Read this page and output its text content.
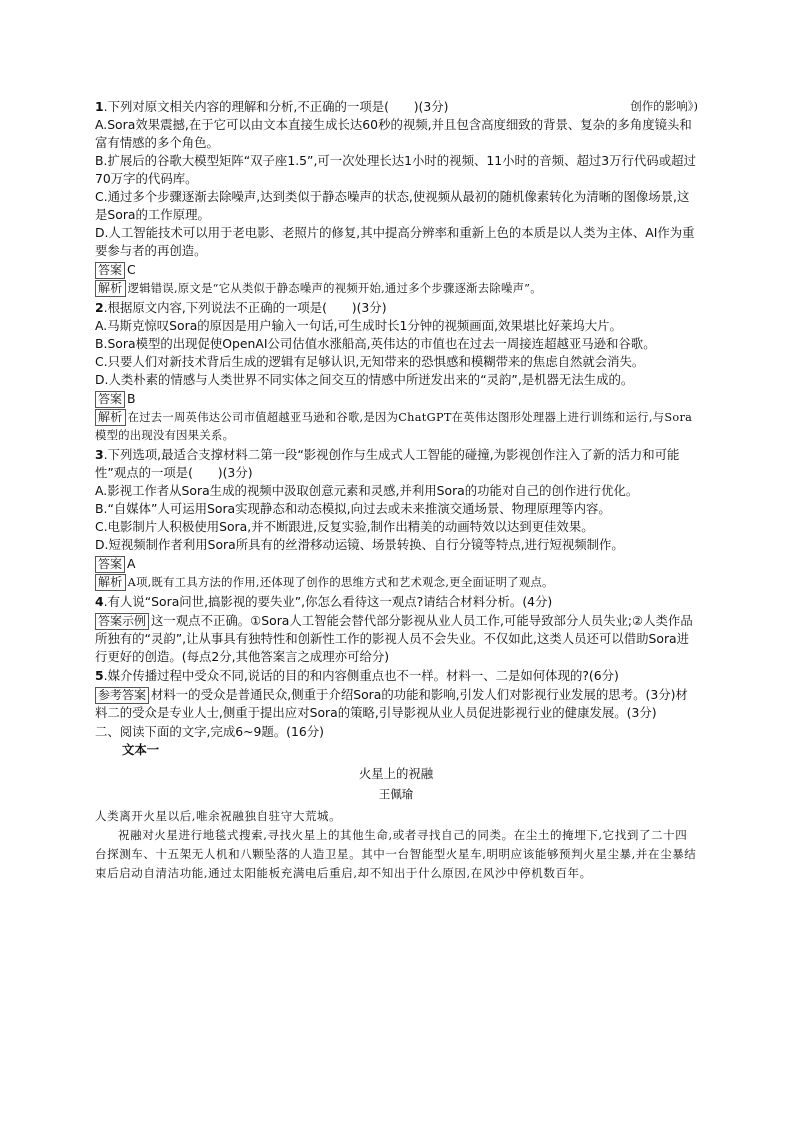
创作的影响》)

1.下列对原文相关内容的理解和分析,不正确的一项是(　　)(3分)

A.Sora效果震撼,在于它可以由文本直接生成长达60秒的视频,并且包含高度细致的背景、复杂的多角度镜头和富有情感的多个角色。

B.扩展后的谷歌大模型矩阵“双子座1.5”,可一次处理长达1小时的视频、11小时的音频、超过3万行代码或超过70万字的代码库。

C.通过多个步骤逐渐去除噪声,达到类似于静态噪声的状态,使视频从最初的随机像素转化为清晰的图像场景,这是Sora的工作原理。

D.人工智能技术可以用于老电影、老照片的修复,其中提高分辨率和重新上色的本质是以人类为主体、AI作为重要参与者的再创造。

答案 C

解析 逻辑错误,原文是“它从类似于静态噪声的视频开始,通过多个步骤逐渐去除噪声”。

2.根据原文内容,下列说法不正确的一项是(　　)(3分)

A.马斯克惊叹Sora的原因是用户输入一句话,可生成时长1分钟的视频画面,效果堪比好莱坞大片。

B.Sora模型的出现促使OpenAI公司估值水涨船高,英伟达的市值也在过去一周接连超越亚马逊和谷歌。

C.只要人们对新技术背后生成的逻辑有足够认识,无知带来的恐惧感和模糊带来的焦虑自然就会消失。

D.人类朴素的情感与人类世界不同实体之间交互的情感中所迸发出来的“灵韵”,是机器无法生成的。

答案 B

解析 在过去一周英伟达公司市值超越亚马逊和谷歌,是因为ChatGPT在英伟达图形处理器上进行训练和运行,与Sora模型的出现没有因果关系。

3.下列选项,最适合支撑材料二第一段“影视创作与生成式人工智能的碰撞,为影视创作注入了新的活力和可能性”观点的一项是(　　)(3分)

A.影视工作者从Sora生成的视频中汲取创意元素和灵感,并利用Sora的功能对自己的创作进行优化。

B.“自媒体”人可运用Sora实现静态和动态模拟,向过去或未来推演交通场景、物理原理等内容。

C.电影制片人积极使用Sora,并不断跟进,反复实验,制作出精美的动画特效以达到更佳效果。

D.短视频制作者利用Sora所具有的丝滑移动运镜、场景转换、自行分镜等特点,进行短视频制作。

答案 A

解析 A项,既有工具方法的作用,还体现了创作的思维方式和艺术观念,更全面证明了观点。

4.有人说“Sora问世,搞影视的要失业”,你怎么看待这一观点?请结合材料分析。(4分)

答案示例 这一观点不正确。①Sora人工智能会替代部分影视从业人员工作,可能导致部分人员失业;②人类作品所独有的“灵韵”,让从事具有独特性和创新性工作的影视人员不会失业。不仅如此,这类人员还可以借助Sora进行更好的创造。(每点2分,其他答案言之成理亦可给分)

5.媒介传播过程中受众不同,说话的目的和内容侧重点也不一样。材料一、二是如何体现的?(6分)

参考答案 材料一的受众是普通民众,侧重于介绍Sora的功能和影响,引发人们对影视行业发展的思考。(3分)材料二的受众是专业人士,侧重于提出应对Sora的策略,引导影视从业人员促进影视行业的健康发展。(3分)

二、阅读下面的文字,完成6~9题。(16分)

文本一

火星上的祝融

王佩瑜

人类离开火星以后,唯余祝融独自驻守大荒城。

祝融对火星进行地毯式搜索,寻找火星上的其他生命,或者寻找自己的同类。在尘土的掩埋下,它找到了二十四台探测车、十五架无人机和八颗坠落的人造卫星。其中一台智能型火星车,明明应该能够预判火星尘暴,并在尘暴结束后启动自清洁功能,通过太阳能板充满电后重启,却不知出于什么原因,在风沙中停机数百年。
